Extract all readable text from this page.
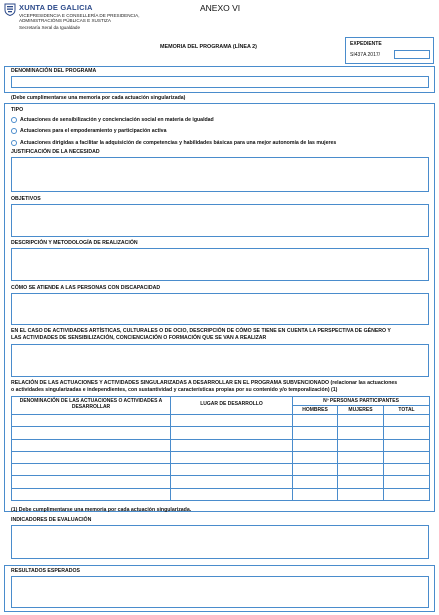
XUNTA DE GALICIA
VICEPRESIDENCIA E CONSELLERÍA DE PRESIDENCIA,
ADMINISTRACIÓNS PÚBLICAS E XUSTIZA
Secretaría Xeral da Igualdade
ANEXO VI
MEMORIA DEL PROGRAMA (LÍNEA 2)	EXPEDIENTE
SI437A 2017/
DENOMINACIÓN DEL PROGRAMA
(Debe cumplimentarse una memoria por cada actuación singularizada)
TIPO
Actuaciones de sensibilización y concienciación social en materia de igualdad
Actuaciones para el empoderamiento y participación activa
Actuaciones dirigidas a facilitar la adquisición de competencias y habilidades básicas para una mejor autonomía de las mujeres
JUSTIFICACIÓN DE LA NECESIDAD
OBJETIVOS
DESCRIPCIÓN Y METODOLOGÍA DE REALIZACIÓN
CÓMO SE ATIENDE A LAS PERSONAS CON DISCAPACIDAD
EN EL CASO DE ACTIVIDADES ARTÍSTICAS, CULTURALES O DE OCIO, DESCRIPCIÓN DE CÓMO SE TIENE EN CUENTA LA PERSPECTIVA DE GÉNERO Y
LAS ACTIVIDADES DE SENSIBILIZACIÓN, CONCIENCIACIÓN O FORMACIÓN QUE SE VAN A REALIZAR
RELACIÓN DE LAS ACTUACIONES Y ACTIVIDADES SINGULARIZADAS A DESARROLLAR EN EL PROGRAMA SUBVENCIONADO (relacionar las actuaciones
o actividades singularizadas e independientes, con sustantividad y características propias por su contenido y/o temporalización) (1)
DENOMINACIÓN DE LAS ACTUACIONES O ACTIVIDADES A DESARROLLAR	LUGAR DE DESARROLLO	Nº PERSONAS PARTICIPANTES		
		HOMBRES	MUJERES	TOTAL

(1) Debe cumplimentarse una memoria por cada actuación singularizada.
INDICADORES DE EVALUACIÓN
RESULTADOS ESPERADOS
